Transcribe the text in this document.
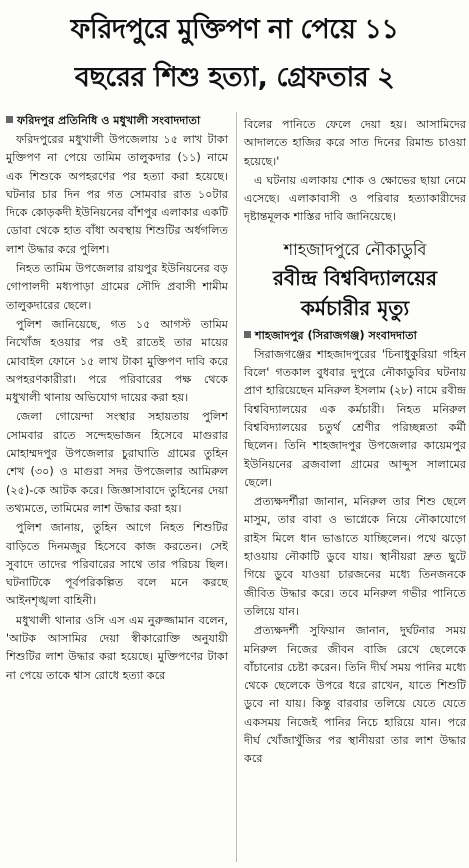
ফরিদপুরে মুক্তিপণ না পেয়ে ১১
বছরের শিশু হত্যা, গ্রেফতার ২
ফরিদপুর প্রতিনিধি ও মধুখালী সংবাদদাতা

ফরিদপুরের মধুখালী উপজেলায় ১৫ লাখ টাকা মুক্তিপণ না পেয়ে তামিম তালুকদার (১১) নামে এক শিশুকে অপহরণের পর হত্যা করা হয়েছে। ঘটনার চার দিন পর গত সোমবার রাত ১০টার দিকে কোড়কদী ইউনিয়নের বাঁশপুর এলাকার একটি ডোবা থেকে হাত বাঁধা অবস্থায় শিশুটির অর্ধগলিত লাশ উদ্ধার করে পুলিশ।

নিহত তামিম উপজেলার রায়পুর ইউনিয়নের বড় গোপালদী মধ্যপাড়া গ্রামের সৌদি প্রবাসী শামীম তালুকদারের ছেলে।

পুলিশ জানিয়েছে, গত ১৫ আগস্ট তামিম নিখোঁজ হওয়ার পর ওই রাতেই তার মায়ের মোবাইল ফোনে ১৫ লাখ টাকা মুক্তিপণ দাবি করে অপহরণকারীরা। পরে পরিবারের পক্ষ থেকে মধুখালী থানায় অভিযোগ দায়ের করা হয়।

জেলা গোয়েন্দা সংস্থার সহায়তায় পুলিশ সোমবার রাতে সন্দেহভাজন হিসেবে মাগুরার মোহাম্মদপুর উপজেলার চুরাঘাতি গ্রামের তুহিন শেখ (৩০) ও মাগুরা সদর উপজেলার আমিরুল (২৫)-কে আটক করে। জিজ্ঞাসাবাদে তুহিনের দেয়া তথ্যমতে, তামিমের লাশ উদ্ধার করা হয়।

পুলিশ জানায়, তুহিন আগে নিহত শিশুটির বাড়িতে দিনমজুর হিসেবে কাজ করতেন। সেই সুবাদে তাদের পরিবারের সাথে তার পরিচয় ছিল। ঘটনাটিকে পূর্বপরিকল্পিত বলে মনে করছে আইনশৃঙ্খলা বাহিনী।

মধুখালী থানার ওসি এস এম নুরুজ্জামান বলেন, 'আটক আসামির দেয়া স্বীকারোক্তি অনুযায়ী শিশুটির লাশ উদ্ধার করা হয়েছে। মুক্তিপণের টাকা না পেয়ে তাকে শ্বাস রোধে হত্যা করে

বিলের পানিতে ফেলে দেয়া হয়। আসামিদের আদালতে হাজির করে সাত দিনের রিমান্ড চাওয়া হয়েছে।'

এ ঘটনায় এলাকায় শোক ও ক্ষোভের ছায়া নেমে এসেছে। এলাকাবাসী ও পরিবার হত্যাকারীদের দৃষ্টান্তমূলক শাস্তির দাবি জানিয়েছে।

শাহজাদপুরে নৌকাডুবি
রবীন্দ্র বিশ্ববিদ্যালয়ের কর্মচারীর মৃত্যু
শাহজাদপুর (সিরাজগঞ্জ) সংবাদদাতা

সিরাজগঞ্জের শাহজাদপুরের 'চিনাধুকুরিয়া গহিন বিলে' গতকাল বুধবার দুপুরে নৌকাডুবির ঘটনায় প্রাণ হারিয়েছেন মনিরুল ইসলাম (২৮) নামে রবীন্দ্র বিশ্ববিদ্যালয়ের এক কর্মচারী। নিহত মনিরুল বিশ্ববিদ্যালয়ের চতুর্থ শ্রেণীর পরিচ্ছন্নতা কর্মী ছিলেন। তিনি শাহজাদপুর উপজেলার কায়েমপুর ইউনিয়নের ব্রজবালা গ্রামের আব্দুস সালামের ছেলে।

প্রত্যক্ষদর্শীরা জানান, মনিরুল তার শিশু ছেলে মাসুম, তার বাবা ও ভাগ্নেকে নিয়ে নৌকাযোগে রাইস মিলে ধান ভাঙাতে যাচ্ছিলেন। পথে ঝড়ো হাওয়ায় নৌকাটি ডুবে যায়। স্থানীয়রা দ্রুত ছুটে গিয়ে ডুবে যাওয়া চারজনের মধ্যে তিনজনকে জীবিত উদ্ধার করে। তবে মনিরুল গভীর পানিতে তলিয়ে যান।

প্রত্যক্ষদর্শী সুফিয়ান জানান, দুর্ঘটনার সময় মনিরুল নিজের জীবন বাজি রেখে ছেলেকে বাঁচানোর চেষ্টা করেন। তিনি দীর্ঘ সময় পানির মধ্যে থেকে ছেলেকে উপরে ধরে রাখেন, যাতে শিশুটি ডুবে না যায়। কিন্তু বারবার তলিয়ে যেতে যেতে একসময় নিজেই পানির নিচে হারিয়ে যান। পরে দীর্ঘ খোঁজাখুঁজির পর স্থানীয়রা তার লাশ উদ্ধার করে
